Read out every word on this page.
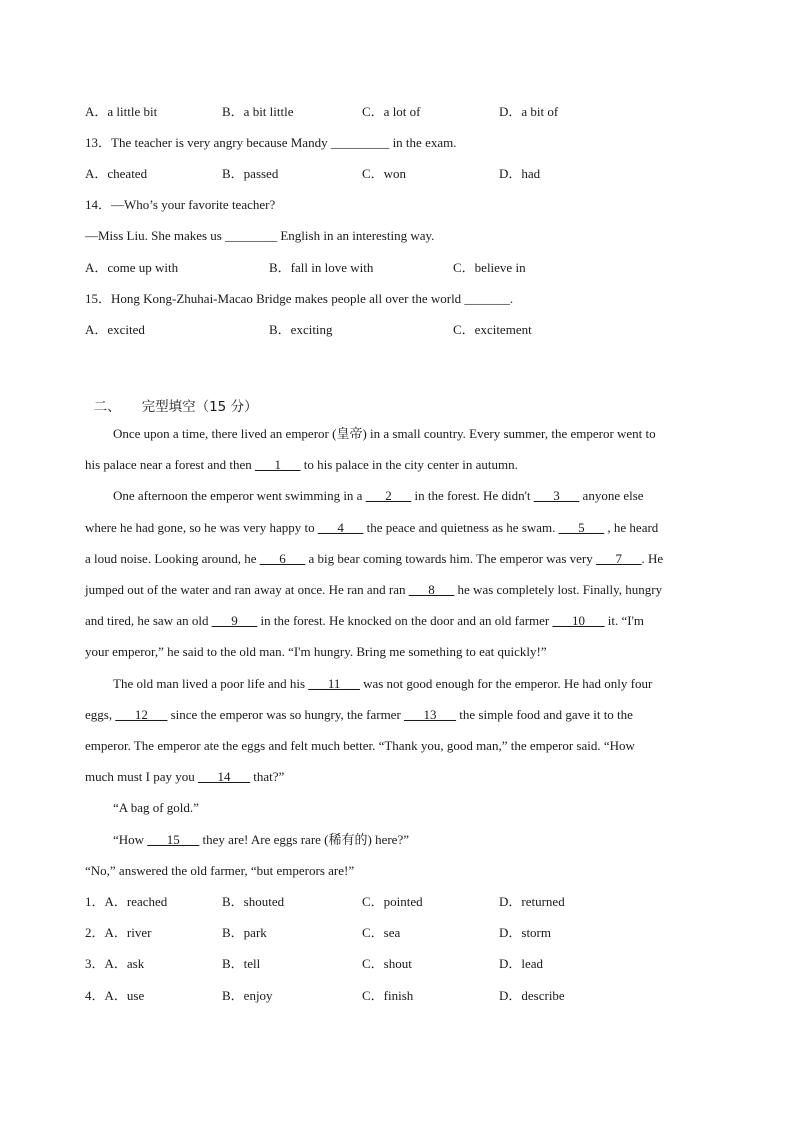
A．a little bit	B．a bit little	C．a lot of	D．a bit of
13．The teacher is very angry because Mandy _________ in the exam.
A．cheated	B．passed	C．won	D．had
14．—Who’s your favorite teacher?
—Miss Liu. She makes us ________ English in an interesting way.
A．come up with	B．fall in love with	C．believe in
15．Hong Kong-Zhuhai-Macao Bridge makes people all over the world _______.
A．excited	B．exciting	C．excitement

二、 完型填空（15 分）

Once upon a time, there lived an emperor (皇帝) in a small country. Every summer, the emperor went to
his palace near a forest and then ___1___ to his palace in the city center in autumn.
One afternoon the emperor went swimming in a ___2___ in the forest. He didn't ___3___ anyone else
where he had gone, so he was very happy to ___4___ the peace and quietness as he swam. ___5___ , he heard
a loud noise. Looking around, he ___6___ a big bear coming towards him. The emperor was very ___7___. He
jumped out of the water and ran away at once. He ran and ran ___8___ he was completely lost. Finally, hungry
and tired, he saw an old ___9___ in the forest. He knocked on the door and an old farmer ___10___ it. “I'm
your emperor,” he said to the old man. “I'm hungry. Bring me something to eat quickly!”
The old man lived a poor life and his ___11___ was not good enough for the emperor. He had only four
eggs, ___12___ since the emperor was so hungry, the farmer ___13___ the simple food and gave it to the
emperor. The emperor ate the eggs and felt much better. “Thank you, good man,” the emperor said. “How
much must I pay you ___14___ that?”
“A bag of gold.”
“How ___15___ they are! Are eggs rare (稀有的) here?”
“No,” answered the old farmer, “but emperors are!”
1．A．reached	B．shouted	C．pointed	D．returned
2．A．river	B．park	C．sea	D．storm
3．A．ask	B．tell	C．shout	D．lead
4．A．use	B．enjoy	C．finish	D．describe
